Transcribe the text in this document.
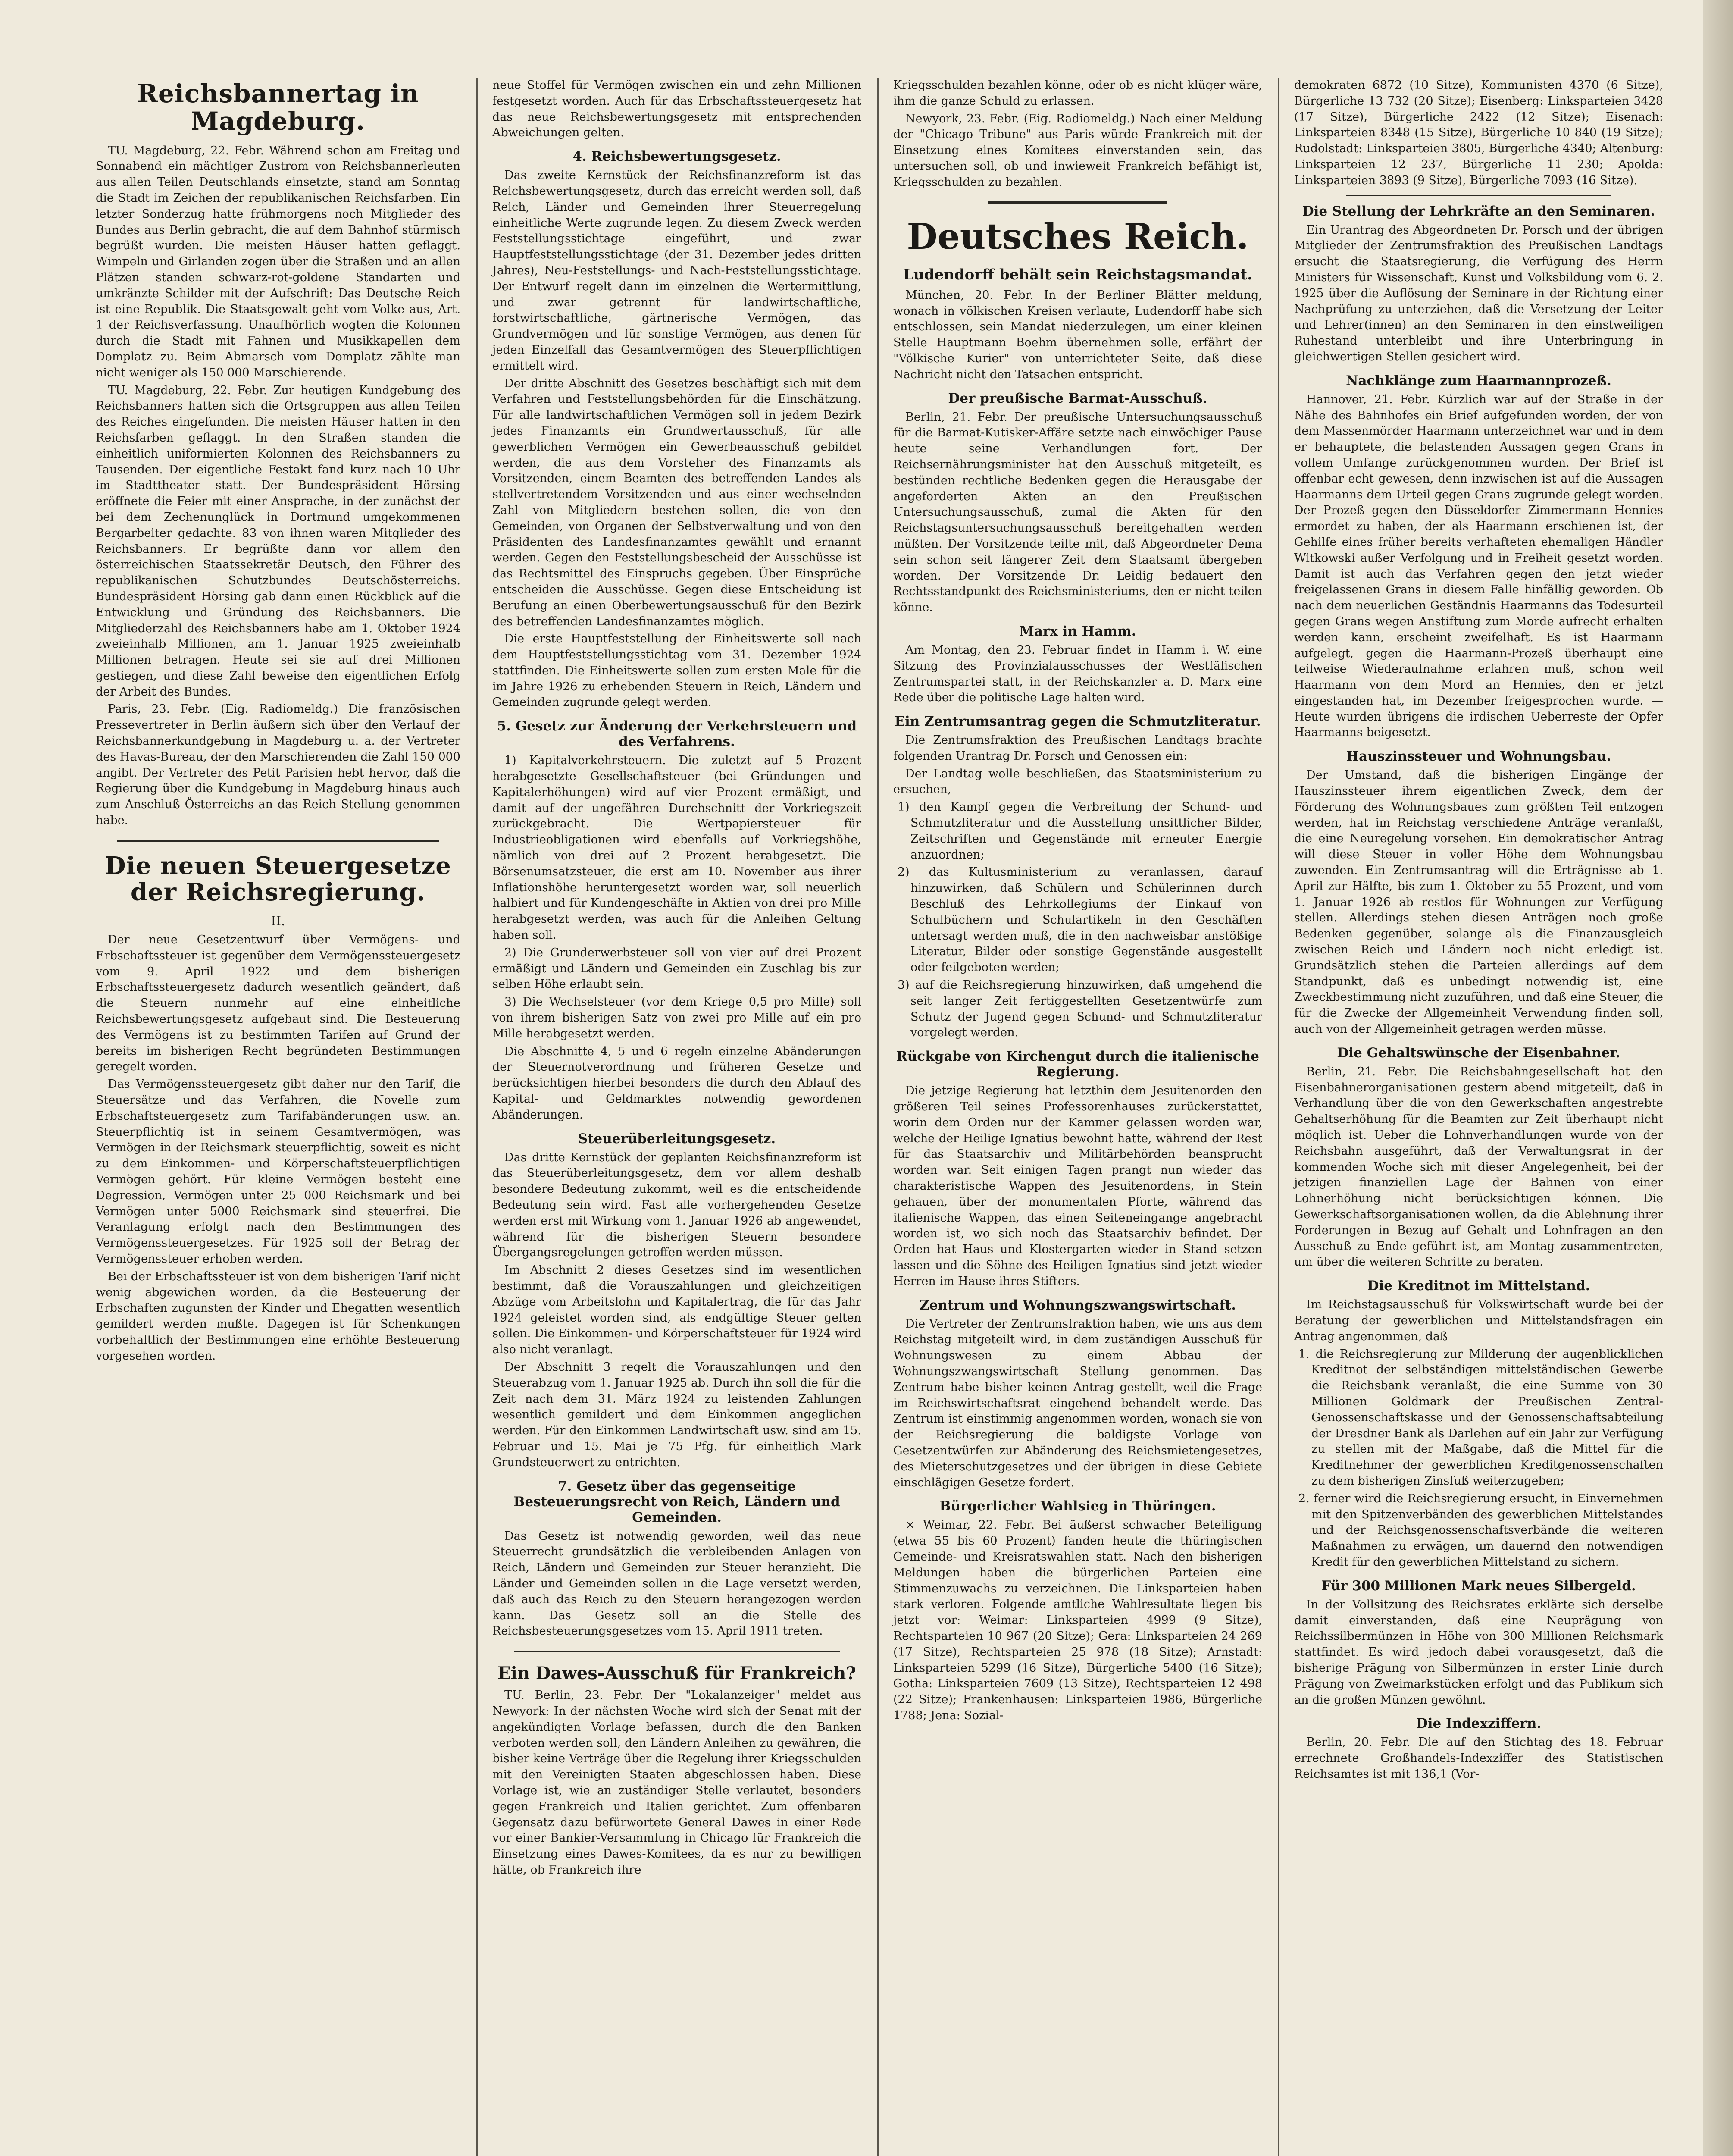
Reichsbannertag in Magdeburg.

TU. Magdeburg, 22. Febr. Während schon am Freitag und Sonnabend ein mächtiger Zustrom von Reichsbannerleuten aus allen Teilen Deutschlands einsetzte, stand am Sonntag die Stadt im Zeichen der republikanischen Reichsfarben. Ein letzter Sonderzug hatte frühmorgens noch Mitglieder des Bundes aus Berlin gebracht, die auf dem Bahnhof stürmisch begrüßt wurden. Die meisten Häuser hatten geflaggt. Wimpeln und Girlanden zogen über die Straßen und an allen Plätzen standen schwarz-rot-goldene Standarten und umkränzte Schilder mit der Aufschrift: Das Deutsche Reich ist eine Republik. Die Staatsgewalt geht vom Volke aus, Art. 1 der Reichsverfassung. Unaufhörlich wogten die Kolonnen durch die Stadt mit Fahnen und Musikkapellen dem Domplatz zu. Beim Abmarsch vom Domplatz zählte man nicht weniger als 150 000 Marschierende.

TU. Magdeburg, 22. Febr. Zur heutigen Kundgebung des Reichsbanners hatten sich die Ortsgruppen aus allen Teilen des Reiches eingefunden. Die meisten Häuser hatten in den Reichsfarben geflaggt. In den Straßen standen die einheitlich uniformierten Kolonnen des Reichsbanners zu Tausenden. Der eigentliche Festakt fand kurz nach 10 Uhr im Stadttheater statt. Der Bundespräsident Hörsing eröffnete die Feier mit einer Ansprache, in der zunächst der bei dem Zechenunglück in Dortmund umgekommenen Bergarbeiter gedachte. 83 von ihnen waren Mitglieder des Reichsbanners. Er begrüßte dann vor allem den österreichischen Staatssekretär Deutsch, den Führer des republikanischen Schutzbundes Deutschösterreichs. Bundespräsident Hörsing gab dann einen Rückblick auf die Entwicklung und Gründung des Reichsbanners. Die Mitgliederzahl des Reichsbanners habe am 1. Oktober 1924 zweieinhalb Millionen, am 1. Januar 1925 zweieinhalb Millionen betragen. Heute sei sie auf drei Millionen gestiegen, und diese Zahl beweise den eigentlichen Erfolg der Arbeit des Bundes.

Paris, 23. Febr. (Eig. Radiomeldg.) Die französischen Pressevertreter in Berlin äußern sich über den Verlauf der Reichsbannerkundgebung in Magdeburg u. a. der Vertreter des Havas-Bureau, der den Marschierenden die Zahl 150 000 angibt. Der Vertreter des Petit Parisien hebt hervor, daß die Regierung über die Kundgebung in Magdeburg hinaus auch zum Anschluß Österreichs an das Reich Stellung genommen habe.

Die neuen Steuergesetze der Reichsregierung.
II.

Der neue Gesetzentwurf über Vermögens- und Erbschaftssteuer ist gegenüber dem Vermögenssteuergesetz vom 9. April 1922 und dem bisherigen Erbschaftssteuergesetz dadurch wesentlich geändert, daß die Steuern nunmehr auf eine einheitliche Reichsbewertungsgesetz aufgebaut sind. Die Besteuerung des Vermögens ist zu bestimmten Tarifen auf Grund der bereits im bisherigen Recht begründeten Bestimmungen geregelt worden.

Das Vermögenssteuergesetz gibt daher nur den Tarif, die Steuersätze und das Verfahren, die Novelle zum Erbschaftsteuergesetz zum Tarifabänderungen usw. an. Steuerpflichtig ist in seinem Gesamtvermögen, was Vermögen in der Reichsmark steuerpflichtig, soweit es nicht zu dem Einkommen- und Körperschaftsteuerpflichtigen Vermögen gehört. Für kleine Vermögen besteht eine Degression, Vermögen unter 25 000 Reichsmark und bei Vermögen unter 5000 Reichsmark sind steuerfrei. Die Veranlagung erfolgt nach den Bestimmungen des Vermögenssteuergesetzes. Für 1925 soll der Betrag der Vermögenssteuer erhoben werden.

Bei der Erbschaftssteuer ist von dem bisherigen Tarif nicht wenig abgewichen worden, da die Besteuerung der Erbschaften zugunsten der Kinder und Ehegatten wesentlich gemildert werden mußte. Dagegen ist für Schenkungen vorbehaltlich der Bestimmungen eine erhöhte Besteuerung vorgesehen worden.

neue Stoffel für Vermögen zwischen ein und zehn Millionen festgesetzt worden. Auch für das Erbschaftssteuergesetz hat das neue Reichsbewertungsgesetz mit entsprechenden Abweichungen gelten.

4. Reichsbewertungsgesetz.

Das zweite Kernstück der Reichsfinanzreform ist das Reichsbewertungsgesetz, durch das erreicht werden soll, daß Reich, Länder und Gemeinden ihrer Steuerregelung einheitliche Werte zugrunde legen. Zu diesem Zweck werden Feststellungsstichtage eingeführt, und zwar Hauptfeststellungsstichtage (der 31. Dezember jedes dritten Jahres), Neu-Feststellungs- und Nach-Feststellungsstichtage. Der Entwurf regelt dann im einzelnen die Wertermittlung, und zwar getrennt für landwirtschaftliche, forstwirtschaftliche, gärtnerische Vermögen, das Grundvermögen und für sonstige Vermögen, aus denen für jeden Einzelfall das Gesamtvermögen des Steuerpflichtigen ermittelt wird.

Der dritte Abschnitt des Gesetzes beschäftigt sich mit dem Verfahren und Feststellungsbehörden für die Einschätzung. Für alle landwirtschaftlichen Vermögen soll in jedem Bezirk jedes Finanzamts ein Grundwertausschuß, für alle gewerblichen Vermögen ein Gewerbeausschuß gebildet werden, die aus dem Vorsteher des Finanzamts als Vorsitzenden, einem Beamten des betreffenden Landes als stellvertretendem Vorsitzenden und aus einer wechselnden Zahl von Mitgliedern bestehen sollen, die von den Gemeinden, von Organen der Selbstverwaltung und von den Präsidenten des Landesfinanzamtes gewählt und ernannt werden. Gegen den Feststellungsbescheid der Ausschüsse ist das Rechtsmittel des Einspruchs gegeben. Über Einsprüche entscheiden die Ausschüsse. Gegen diese Entscheidung ist Berufung an einen Oberbewertungsausschuß für den Bezirk des betreffenden Landesfinanzamtes möglich.

Die erste Hauptfeststellung der Einheitswerte soll nach dem Hauptfeststellungsstichtag vom 31. Dezember 1924 stattfinden. Die Einheitswerte sollen zum ersten Male für die im Jahre 1926 zu erhebenden Steuern in Reich, Ländern und Gemeinden zugrunde gelegt werden.

5. Gesetz zur Änderung der Verkehrsteuern und des Verfahrens.

1) Kapitalverkehrsteuern. Die zuletzt auf 5 Prozent herabgesetzte Gesellschaftsteuer (bei Gründungen und Kapitalerhöhungen) wird auf vier Prozent ermäßigt, und damit auf der ungefähren Durchschnitt der Vorkriegszeit zurückgebracht. Die Wertpapiersteuer für Industrieobligationen wird ebenfalls auf Vorkriegshöhe, nämlich von drei auf 2 Prozent herabgesetzt. Die Börsenumsatzsteuer, die erst am 10. November aus ihrer Inflationshöhe heruntergesetzt worden war, soll neuerlich halbiert und für Kundengeschäfte in Aktien von drei pro Mille herabgesetzt werden, was auch für die Anleihen Geltung haben soll.

2) Die Grunderwerbsteuer soll von vier auf drei Prozent ermäßigt und Ländern und Gemeinden ein Zuschlag bis zur selben Höhe erlaubt sein.

3) Die Wechselsteuer (vor dem Kriege 0,5 pro Mille) soll von ihrem bisherigen Satz von zwei pro Mille auf ein pro Mille herabgesetzt werden.

Die Abschnitte 4, 5 und 6 regeln einzelne Abänderungen der Steuernotverordnung und früheren Gesetze und berücksichtigen hierbei besonders die durch den Ablauf des Kapital- und Geldmarktes notwendig gewordenen Abänderungen.

Steuerüberleitungsgesetz.

Das dritte Kernstück der geplanten Reichsfinanzreform ist das Steuerüberleitungsgesetz, dem vor allem deshalb besondere Bedeutung zukommt, weil es die entscheidende Bedeutung sein wird. Fast alle vorhergehenden Gesetze werden erst mit Wirkung vom 1. Januar 1926 ab angewendet, während für die bisherigen Steuern besondere Übergangsregelungen getroffen werden müssen.

Im Abschnitt 2 dieses Gesetzes sind im wesentlichen bestimmt, daß die Vorauszahlungen und gleichzeitigen Abzüge vom Arbeitslohn und Kapitalertrag, die für das Jahr 1924 geleistet worden sind, als endgültige Steuer gelten sollen. Die Einkommen- und Körperschaftsteuer für 1924 wird also nicht veranlagt.

Der Abschnitt 3 regelt die Vorauszahlungen und den Steuerabzug vom 1. Januar 1925 ab. Durch ihn soll die für die Zeit nach dem 31. März 1924 zu leistenden Zahlungen wesentlich gemildert und dem Einkommen angeglichen werden. Für den Einkommen Landwirtschaft usw. sind am 15. Februar und 15. Mai je 75 Pfg. für einheitlich Mark Grundsteuerwert zu entrichten.

7. Gesetz über das gegenseitige Besteuerungsrecht von Reich, Ländern und Gemeinden.

Das Gesetz ist notwendig geworden, weil das neue Steuerrecht grundsätzlich die verbleibenden Anlagen von Reich, Ländern und Gemeinden zur Steuer heranzieht. Die Länder und Gemeinden sollen in die Lage versetzt werden, daß auch das Reich zu den Steuern herangezogen werden kann. Das Gesetz soll an die Stelle des Reichsbesteuerungsgesetzes vom 15. April 1911 treten.

Ein Dawes-Ausschuß für Frankreich?

TU. Berlin, 23. Febr. Der "Lokalanzeiger" meldet aus Newyork: In der nächsten Woche wird sich der Senat mit der angekündigten Vorlage befassen, durch die den Banken verboten werden soll, den Ländern Anleihen zu gewähren, die bisher keine Verträge über die Regelung ihrer Kriegsschulden mit den Vereinigten Staaten abgeschlossen haben. Diese Vorlage ist, wie an zuständiger Stelle verlautet, besonders gegen Frankreich und Italien gerichtet. Zum offenbaren Gegensatz dazu befürwortete General Dawes in einer Rede vor einer Bankier-Versammlung in Chicago für Frankreich die Einsetzung eines Dawes-Komitees, da es nur zu bewilligen hätte, ob Frankreich ihre

Kriegsschulden bezahlen könne, oder ob es nicht klüger wäre, ihm die ganze Schuld zu erlassen.

Newyork, 23. Febr. (Eig. Radiomeldg.) Nach einer Meldung der "Chicago Tribune" aus Paris würde Frankreich mit der Einsetzung eines Komitees einverstanden sein, das untersuchen soll, ob und inwieweit Frankreich befähigt ist, Kriegsschulden zu bezahlen.

Deutsches Reich.
Ludendorff behält sein Reichstagsmandat.

München, 20. Febr. In der Berliner Blätter meldung, wonach in völkischen Kreisen verlaute, Ludendorff habe sich entschlossen, sein Mandat niederzulegen, um einer kleinen Stelle Hauptmann Boehm übernehmen solle, erfährt der "Völkische Kurier" von unterrichteter Seite, daß diese Nachricht nicht den Tatsachen entspricht.

Der preußische Barmat-Ausschuß.

Berlin, 21. Febr. Der preußische Untersuchungsausschuß für die Barmat-Kutisker-Affäre setzte nach einwöchiger Pause heute seine Verhandlungen fort. Der Reichsernährungsminister hat den Ausschuß mitgeteilt, es bestünden rechtliche Bedenken gegen die Herausgabe der angeforderten Akten an den Preußischen Untersuchungsausschuß, zumal die Akten für den Reichstagsuntersuchungsausschuß bereitgehalten werden müßten. Der Vorsitzende teilte mit, daß Abgeordneter Dema sein schon seit längerer Zeit dem Staatsamt übergeben worden. Der Vorsitzende Dr. Leidig bedauert den Rechtsstandpunkt des Reichsministeriums, den er nicht teilen könne.

Marx in Hamm.

Am Montag, den 23. Februar findet in Hamm i. W. eine Sitzung des Provinzialausschusses der Westfälischen Zentrumspartei statt, in der Reichskanzler a. D. Marx eine Rede über die politische Lage halten wird.

Ein Zentrumsantrag gegen die Schmutzliteratur.

Die Zentrumsfraktion des Preußischen Landtags brachte folgenden Urantrag Dr. Porsch und Genossen ein:

Der Landtag wolle beschließen, das Staatsministerium zu ersuchen,

1) den Kampf gegen die Verbreitung der Schund- und Schmutzliteratur und die Ausstellung unsittlicher Bilder, Zeitschriften und Gegenstände mit erneuter Energie anzuordnen;

2) das Kultusministerium zu veranlassen, darauf hinzuwirken, daß Schülern und Schülerinnen durch Beschluß des Lehrkollegiums der Einkauf von Schulbüchern und Schulartikeln in den Geschäften untersagt werden muß, die in den nachweisbar anstößige Literatur, Bilder oder sonstige Gegenstände ausgestellt oder feilgeboten werden;

3) auf die Reichsregierung hinzuwirken, daß umgehend die seit langer Zeit fertiggestellten Gesetzentwürfe zum Schutz der Jugend gegen Schund- und Schmutzliteratur vorgelegt werden.

Rückgabe von Kirchengut durch die italienische Regierung.

Die jetzige Regierung hat letzthin dem Jesuitenorden den größeren Teil seines Professorenhauses zurückerstattet, worin dem Orden nur der Kammer gelassen worden war, welche der Heilige Ignatius bewohnt hatte, während der Rest für das Staatsarchiv und Militärbehörden beansprucht worden war. Seit einigen Tagen prangt nun wieder das charakteristische Wappen des Jesuitenordens, in Stein gehauen, über der monumentalen Pforte, während das italienische Wappen, das einen Seiteneingange angebracht worden ist, wo sich noch das Staatsarchiv befindet. Der Orden hat Haus und Klostergarten wieder in Stand setzen lassen und die Söhne des Heiligen Ignatius sind jetzt wieder Herren im Hause ihres Stifters.

Zentrum und Wohnungszwangswirtschaft.

Die Vertreter der Zentrumsfraktion haben, wie uns aus dem Reichstag mitgeteilt wird, in dem zuständigen Ausschuß für Wohnungswesen zu einem Abbau der Wohnungszwangswirtschaft Stellung genommen. Das Zentrum habe bisher keinen Antrag gestellt, weil die Frage im Reichswirtschaftsrat eingehend behandelt werde. Das Zentrum ist einstimmig angenommen worden, wonach sie von der Reichsregierung die baldigste Vorlage von Gesetzentwürfen zur Abänderung des Reichsmietengesetzes, des Mieterschutzgesetzes und der übrigen in diese Gebiete einschlägigen Gesetze fordert.

Bürgerlicher Wahlsieg in Thüringen.

× Weimar, 22. Febr. Bei äußerst schwacher Beteiligung (etwa 55 bis 60 Prozent) fanden heute die thüringischen Gemeinde- und Kreisratswahlen statt. Nach den bisherigen Meldungen haben die bürgerlichen Parteien eine Stimmenzuwachs zu verzeichnen. Die Linksparteien haben stark verloren. Folgende amtliche Wahlresultate liegen bis jetzt vor: Weimar: Linksparteien 4999 (9 Sitze), Rechtsparteien 10 967 (20 Sitze); Gera: Linksparteien 24 269 (17 Sitze), Rechtsparteien 25 978 (18 Sitze); Arnstadt: Linksparteien 5299 (16 Sitze), Bürgerliche 5400 (16 Sitze); Gotha: Linksparteien 7609 (13 Sitze), Rechtsparteien 12 498 (22 Sitze); Frankenhausen: Linksparteien 1986, Bürgerliche 1788; Jena: Sozial-

demokraten 6872 (10 Sitze), Kommunisten 4370 (6 Sitze), Bürgerliche 13 732 (20 Sitze); Eisenberg: Linksparteien 3428 (17 Sitze), Bürgerliche 2422 (12 Sitze); Eisenach: Linksparteien 8348 (15 Sitze), Bürgerliche 10 840 (19 Sitze); Rudolstadt: Linksparteien 3805, Bürgerliche 4340; Altenburg: Linksparteien 12 237, Bürgerliche 11 230; Apolda: Linksparteien 3893 (9 Sitze), Bürgerliche 7093 (16 Sitze).

Die Stellung der Lehrkräfte an den Seminaren.

Ein Urantrag des Abgeordneten Dr. Porsch und der übrigen Mitglieder der Zentrumsfraktion des Preußischen Landtags ersucht die Staatsregierung, die Verfügung des Herrn Ministers für Wissenschaft, Kunst und Volksbildung vom 6. 2. 1925 über die Auflösung der Seminare in der Richtung einer Nachprüfung zu unterziehen, daß die Versetzung der Leiter und Lehrer(innen) an den Seminaren in den einstweiligen Ruhestand unterbleibt und ihre Unterbringung in gleichwertigen Stellen gesichert wird.

Nachklänge zum Haarmannprozeß.

Hannover, 21. Febr. Kürzlich war auf der Straße in der Nähe des Bahnhofes ein Brief aufgefunden worden, der von dem Massenmörder Haarmann unterzeichnet war und in dem er behauptete, die belastenden Aussagen gegen Grans in vollem Umfange zurückgenommen wurden. Der Brief ist offenbar echt gewesen, denn inzwischen ist auf die Aussagen Haarmanns dem Urteil gegen Grans zugrunde gelegt worden. Der Prozeß gegen den Düsseldorfer Zimmermann Hennies ermordet zu haben, der als Haarmann erschienen ist, der Gehilfe eines früher bereits verhafteten ehemaligen Händler Witkowski außer Verfolgung und in Freiheit gesetzt worden. Damit ist auch das Verfahren gegen den jetzt wieder freigelassenen Grans in diesem Falle hinfällig geworden. Ob nach dem neuerlichen Geständnis Haarmanns das Todesurteil gegen Grans wegen Anstiftung zum Morde aufrecht erhalten werden kann, erscheint zweifelhaft. Es ist Haarmann aufgelegt, gegen die Haarmann-Prozeß überhaupt eine teilweise Wiederaufnahme erfahren muß, schon weil Haarmann von dem Mord an Hennies, den er jetzt eingestanden hat, im Dezember freigesprochen wurde. — Heute wurden übrigens die irdischen Ueberreste der Opfer Haarmanns beigesetzt.

Hauszinssteuer und Wohnungsbau.

Der Umstand, daß die bisherigen Eingänge der Hauszinssteuer ihrem eigentlichen Zweck, dem der Förderung des Wohnungsbaues zum größten Teil entzogen werden, hat im Reichstag verschiedene Anträge veranlaßt, die eine Neuregelung vorsehen. Ein demokratischer Antrag will diese Steuer in voller Höhe dem Wohnungsbau zuwenden. Ein Zentrumsantrag will die Erträgnisse ab 1. April zur Hälfte, bis zum 1. Oktober zu 55 Prozent, und vom 1. Januar 1926 ab restlos für Wohnungen zur Verfügung stellen. Allerdings stehen diesen Anträgen noch große Bedenken gegenüber, solange als die Finanzausgleich zwischen Reich und Ländern noch nicht erledigt ist. Grundsätzlich stehen die Parteien allerdings auf dem Standpunkt, daß es unbedingt notwendig ist, eine Zweckbestimmung nicht zuzuführen, und daß eine Steuer, die für die Zwecke der Allgemeinheit Verwendung finden soll, auch von der Allgemeinheit getragen werden müsse.

Die Gehaltswünsche der Eisenbahner.

Berlin, 21. Febr. Die Reichsbahngesellschaft hat den Eisenbahnerorganisationen gestern abend mitgeteilt, daß in Verhandlung über die von den Gewerkschaften angestrebte Gehaltserhöhung für die Beamten zur Zeit überhaupt nicht möglich ist. Ueber die Lohnverhandlungen wurde von der Reichsbahn ausgeführt, daß der Verwaltungsrat in der kommenden Woche sich mit dieser Angelegenheit, bei der jetzigen finanziellen Lage der Bahnen von einer Lohnerhöhung nicht berücksichtigen können. Die Gewerkschaftsorganisationen wollen, da die Ablehnung ihrer Forderungen in Bezug auf Gehalt und Lohnfragen an den Ausschuß zu Ende geführt ist, am Montag zusammentreten, um über die weiteren Schritte zu beraten.

Die Kreditnot im Mittelstand.

Im Reichstagsausschuß für Volkswirtschaft wurde bei der Beratung der gewerblichen und Mittelstandsfragen ein Antrag angenommen, daß

1. die Reichsregierung zur Milderung der augenblicklichen Kreditnot der selbständigen mittelständischen Gewerbe die Reichsbank veranlaßt, die eine Summe von 30 Millionen Goldmark der Preußischen Zentral-Genossenschaftskasse und der Genossenschaftsabteilung der Dresdner Bank als Darlehen auf ein Jahr zur Verfügung zu stellen mit der Maßgabe, daß die Mittel für die Kreditnehmer der gewerblichen Kreditgenossenschaften zu dem bisherigen Zinsfuß weiterzugeben;

2. ferner wird die Reichsregierung ersucht, in Einvernehmen mit den Spitzenverbänden des gewerblichen Mittelstandes und der Reichsgenossenschaftsverbände die weiteren Maßnahmen zu erwägen, um dauernd den notwendigen Kredit für den gewerblichen Mittelstand zu sichern.

Für 300 Millionen Mark neues Silbergeld.

In der Vollsitzung des Reichsrates erklärte sich derselbe damit einverstanden, daß eine Neuprägung von Reichssilbermünzen in Höhe von 300 Millionen Reichsmark stattfindet. Es wird jedoch dabei vorausgesetzt, daß die bisherige Prägung von Silbermünzen in erster Linie durch Prägung von Zweimarkstücken erfolgt und das Publikum sich an die großen Münzen gewöhnt.

Die Indexziffern.

Berlin, 20. Febr. Die auf den Stichtag des 18. Februar errechnete Großhandels-Indexziffer des Statistischen Reichsamtes ist mit 136,1 (Vor-
